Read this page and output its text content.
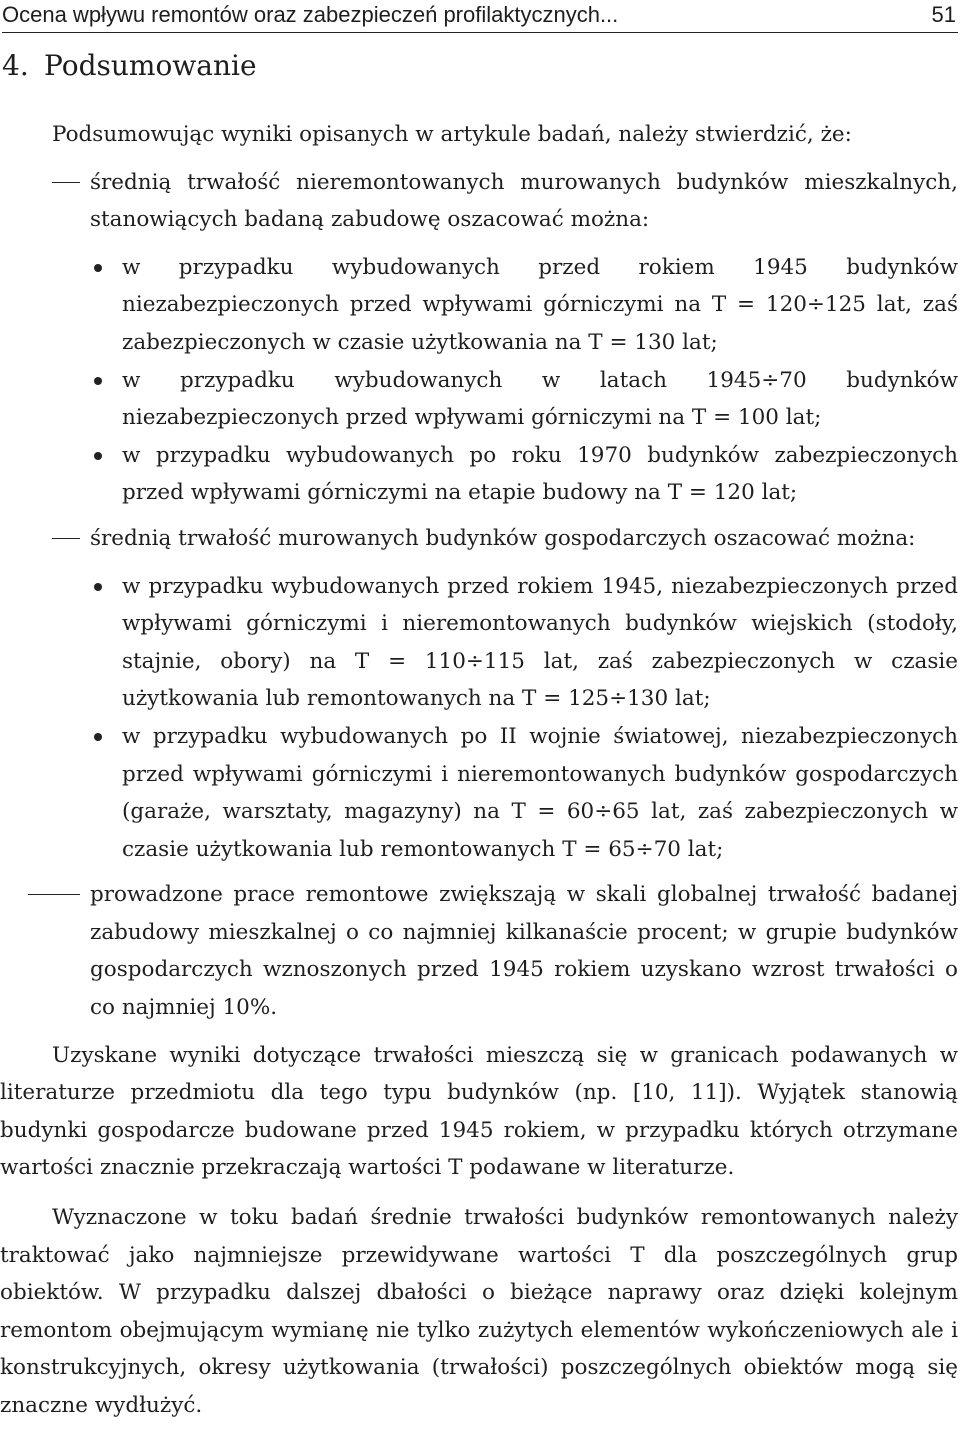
Ocena wpływu remontów oraz zabezpieczeń profilaktycznych...	51
4. Podsumowanie

Podsumowując wyniki opisanych w artykule badań, należy stwierdzić, że:

średnią trwałość nieremontowanych murowanych budynków mieszkalnych, stanowiących badaną zabudowę oszacować można:
w przypadku wybudowanych przed rokiem 1945 budynków niezabezpieczonych przed wpływami górniczymi na T = 120÷125 lat, zaś zabezpieczonych w czasie użytkowania na T = 130 lat;
w przypadku wybudowanych w latach 1945÷70 budynków niezabezpieczonych przed wpływami górniczymi na T = 100 lat;
w przypadku wybudowanych po roku 1970 budynków zabezpieczonych przed wpływami górniczymi na etapie budowy na T = 120 lat;
średnią trwałość murowanych budynków gospodarczych oszacować można:
w przypadku wybudowanych przed rokiem 1945, niezabezpieczonych przed wpływami górniczymi i nieremontowanych budynków wiejskich (stodoły, stajnie, obory) na T = 110÷115 lat, zaś zabezpieczonych w czasie użytkowania lub remontowanych na T = 125÷130 lat;
w przypadku wybudowanych po II wojnie światowej, niezabezpieczonych przed wpływami górniczymi i nieremontowanych budynków gospodarczych (garaże, warsztaty, magazyny) na T = 60÷65 lat, zaś zabezpieczonych w czasie użytkowania lub remontowanych T = 65÷70 lat;
prowadzone prace remontowe zwiększają w skali globalnej trwałość badanej zabudowy mieszkalnej o co najmniej kilkanaście procent; w grupie budynków gospodarczych wznoszonych przed 1945 rokiem uzyskano wzrost trwałości o co najmniej 10%.

Uzyskane wyniki dotyczące trwałości mieszczą się w granicach podawanych w literaturze przedmiotu dla tego typu budynków (np. [10, 11]). Wyjątek stanowią budynki gospodarcze budowane przed 1945 rokiem, w przypadku których otrzymane wartości znacznie przekraczają wartości T podawane w literaturze.

Wyznaczone w toku badań średnie trwałości budynków remontowanych należy traktować jako najmniejsze przewidywane wartości T dla poszczególnych grup obiektów. W przypadku dalszej dbałości o bieżące naprawy oraz dzięki kolejnym remontom obejmującym wymianę nie tylko zużytych elementów wykończeniowych ale i konstrukcyjnych, okresy użytkowania (trwałości) poszczególnych obiektów mogą się znaczne wydłużyć.
